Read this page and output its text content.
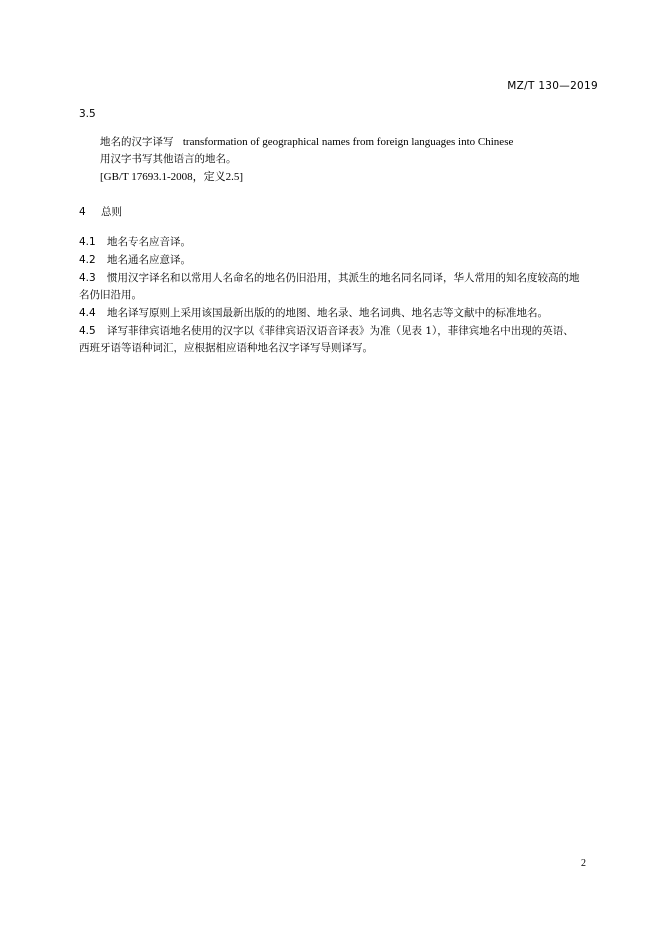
MZ/T 130—2019
3.5
地名的汉字译写 transformation of geographical names from foreign languages into Chinese
用汉字书写其他语言的地名。
[GB/T 17693.1-2008，定义2.5]
4 总则
4.1 地名专名应音译。
4.2 地名通名应意译。
4.3 惯用汉字译名和以常用人名命名的地名仍旧沿用，其派生的地名同名同译，华人常用的知名度较高的地名仍旧沿用。
4.4 地名译写原则上采用该国最新出版的的地图、地名录、地名词典、地名志等文献中的标准地名。
4.5 译写菲律宾语地名使用的汉字以《菲律宾语汉语音译表》为准（见表 1），菲律宾地名中出现的英语、西班牙语等语种词汇，应根据相应语种地名汉字译写导则译写。
2
